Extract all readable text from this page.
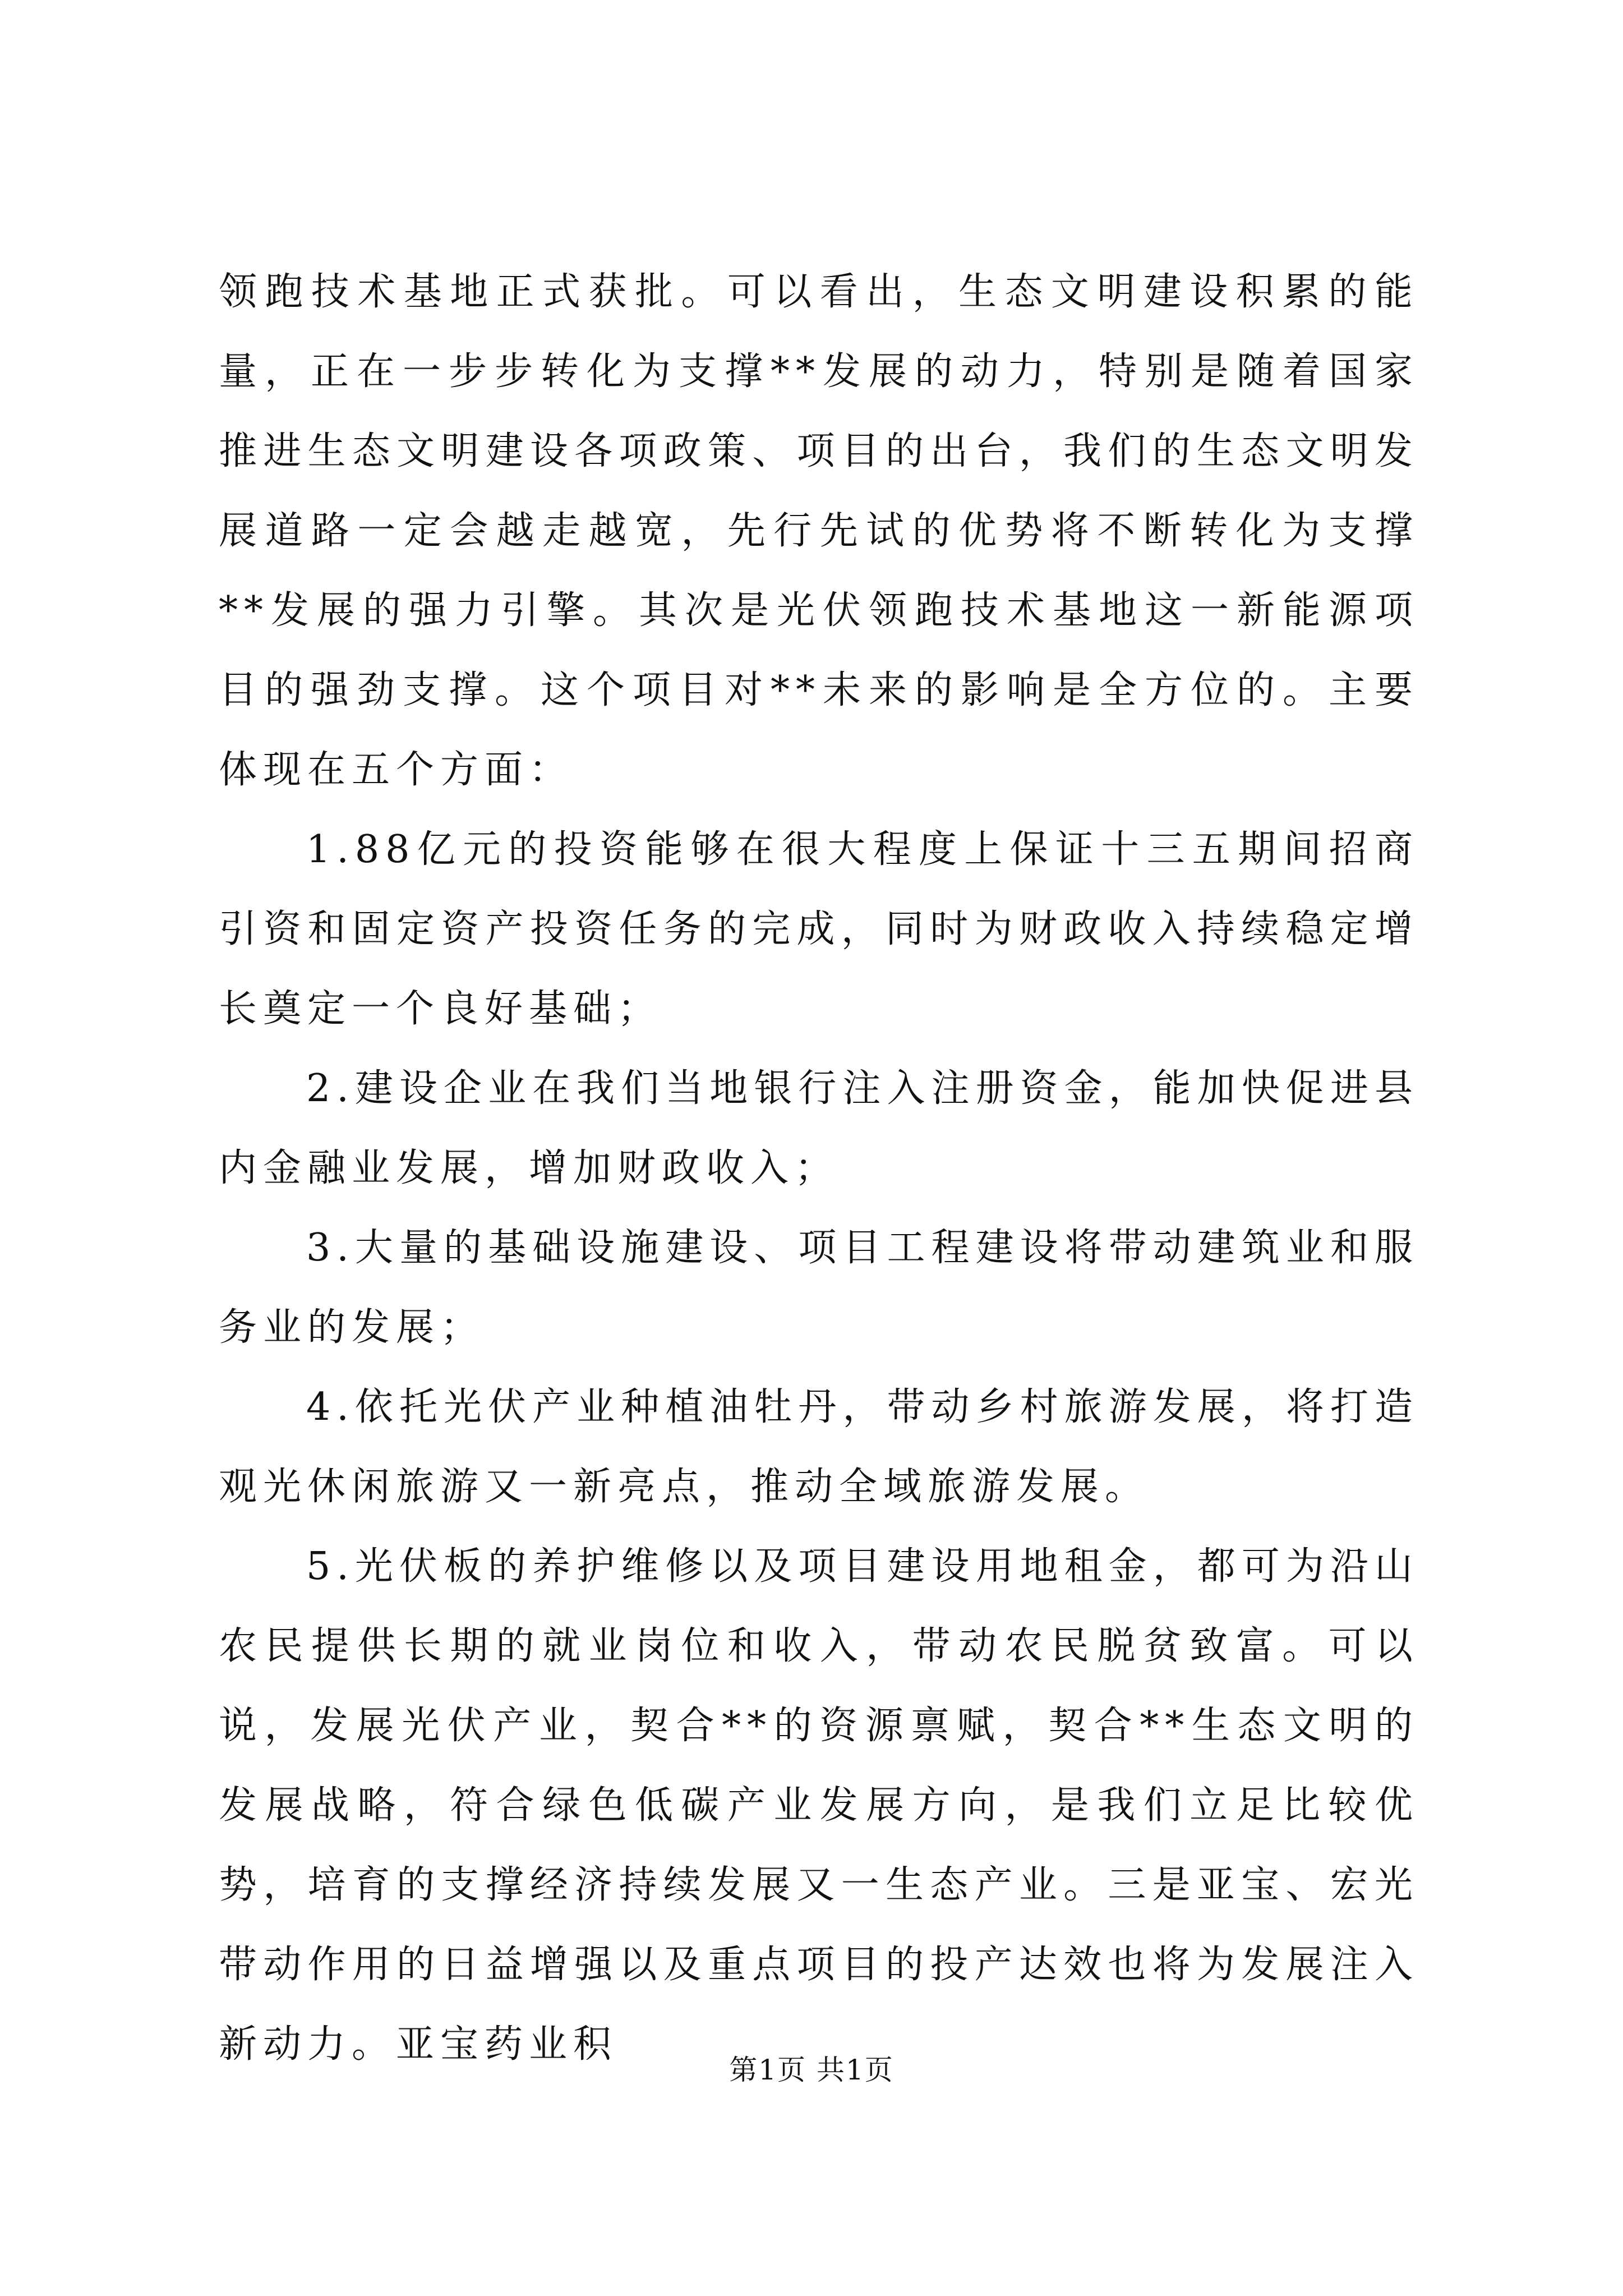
领跑技术基地正式获批。可以看出，生态文明建设积累的能量，正在一步步转化为支撑**发展的动力，特别是随着国家推进生态文明建设各项政策、项目的出台，我们的生态文明发展道路一定会越走越宽，先行先试的优势将不断转化为支撑**发展的强力引擎。其次是光伏领跑技术基地这一新能源项目的强劲支撑。这个项目对**未来的影响是全方位的。主要体现在五个方面：

1.88亿元的投资能够在很大程度上保证十三五期间招商引资和固定资产投资任务的完成，同时为财政收入持续稳定增长奠定一个良好基础；

2.建设企业在我们当地银行注入注册资金，能加快促进县内金融业发展，增加财政收入；

3.大量的基础设施建设、项目工程建设将带动建筑业和服务业的发展；

4.依托光伏产业种植油牡丹，带动乡村旅游发展，将打造观光休闲旅游又一新亮点，推动全域旅游发展。

5.光伏板的养护维修以及项目建设用地租金，都可为沿山农民提供长期的就业岗位和收入，带动农民脱贫致富。可以说，发展光伏产业，契合**的资源禀赋，契合**生态文明的发展战略，符合绿色低碳产业发展方向，是我们立足比较优势，培育的支撑经济持续发展又一生态产业。三是亚宝、宏光带动作用的日益增强以及重点项目的投产达效也将为发展注入新动力。亚宝药业积

第1页 共1页
